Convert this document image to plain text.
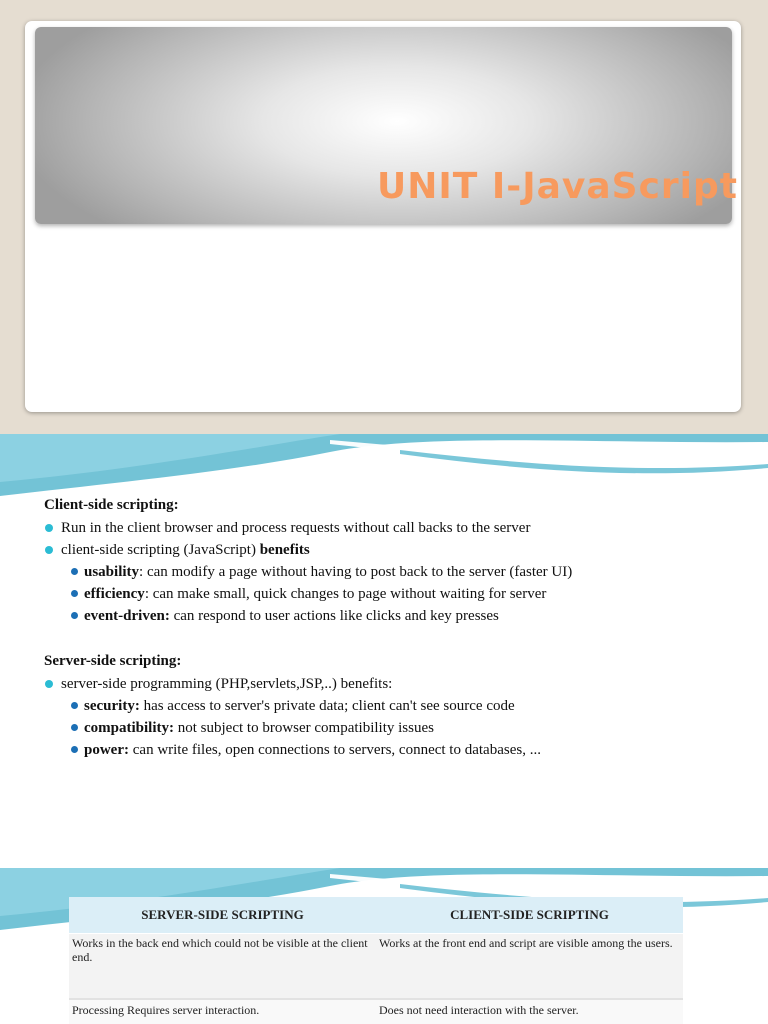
UNIT I-JavaScript
Client-side scripting:
Run in the client browser and process requests without call backs to the server
client-side scripting (JavaScript) benefits
usability: can modify a page without having to post back to the server (faster UI)
efficiency: can make small, quick changes to page without waiting for server
event-driven: can respond to user actions like clicks and key presses
Server-side scripting:
server-side programming (PHP,servlets,JSP,..) benefits:
security: has access to server's private data; client can't see source code
compatibility: not subject to browser compatibility issues
power: can write files, open connections to servers, connect to databases, ...
SERVER-SIDE SCRIPTING	CLIENT-SIDE SCRIPTING
Works in the back end which could not be visible at the client end.	Works at the front end and script are visible among the users.
Processing Requires server interaction.	Does not need interaction with the server.
